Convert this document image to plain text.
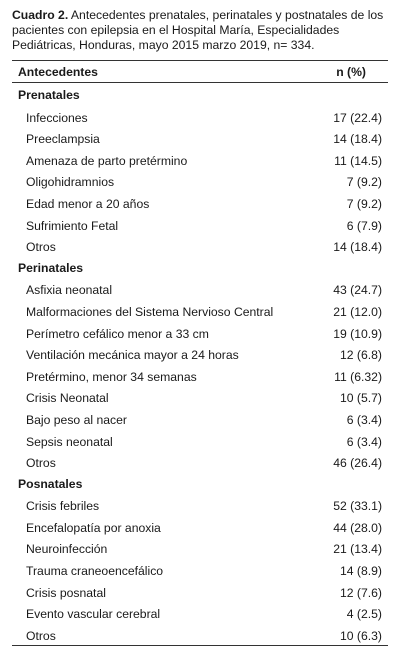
Cuadro 2. Antecedentes prenatales, perinatales y postnatales de los pacientes con epilepsia en el Hospital María, Especialidades Pediátricas, Honduras, mayo 2015 marzo 2019, n= 334.
Antecedentes	n (%)
Prenatales
Infecciones	17 (22.4)
Preeclampsia	14 (18.4)
Amenaza de parto pretérmino	11 (14.5)
Oligohidramnios	7 (9.2)
Edad menor a 20 años	7 (9.2)
Sufrimiento Fetal	6 (7.9)
Otros	14 (18.4)
Perinatales
Asfixia neonatal	43 (24.7)
Malformaciones del Sistema Nervioso Central	21 (12.0)
Perímetro cefálico menor a 33 cm	19 (10.9)
Ventilación mecánica mayor a 24 horas	12 (6.8)
Pretérmino, menor 34 semanas	11 (6.32)
Crisis Neonatal	10 (5.7)
Bajo peso al nacer	6 (3.4)
Sepsis neonatal	6 (3.4)
Otros	46 (26.4)
Posnatales
Crisis febriles	52 (33.1)
Encefalopatía por anoxia	44 (28.0)
Neuroinfección	21 (13.4)
Trauma craneoencefálico	14 (8.9)
Crisis posnatal	12 (7.6)
Evento vascular cerebral	4 (2.5)
Otros	10 (6.3)
